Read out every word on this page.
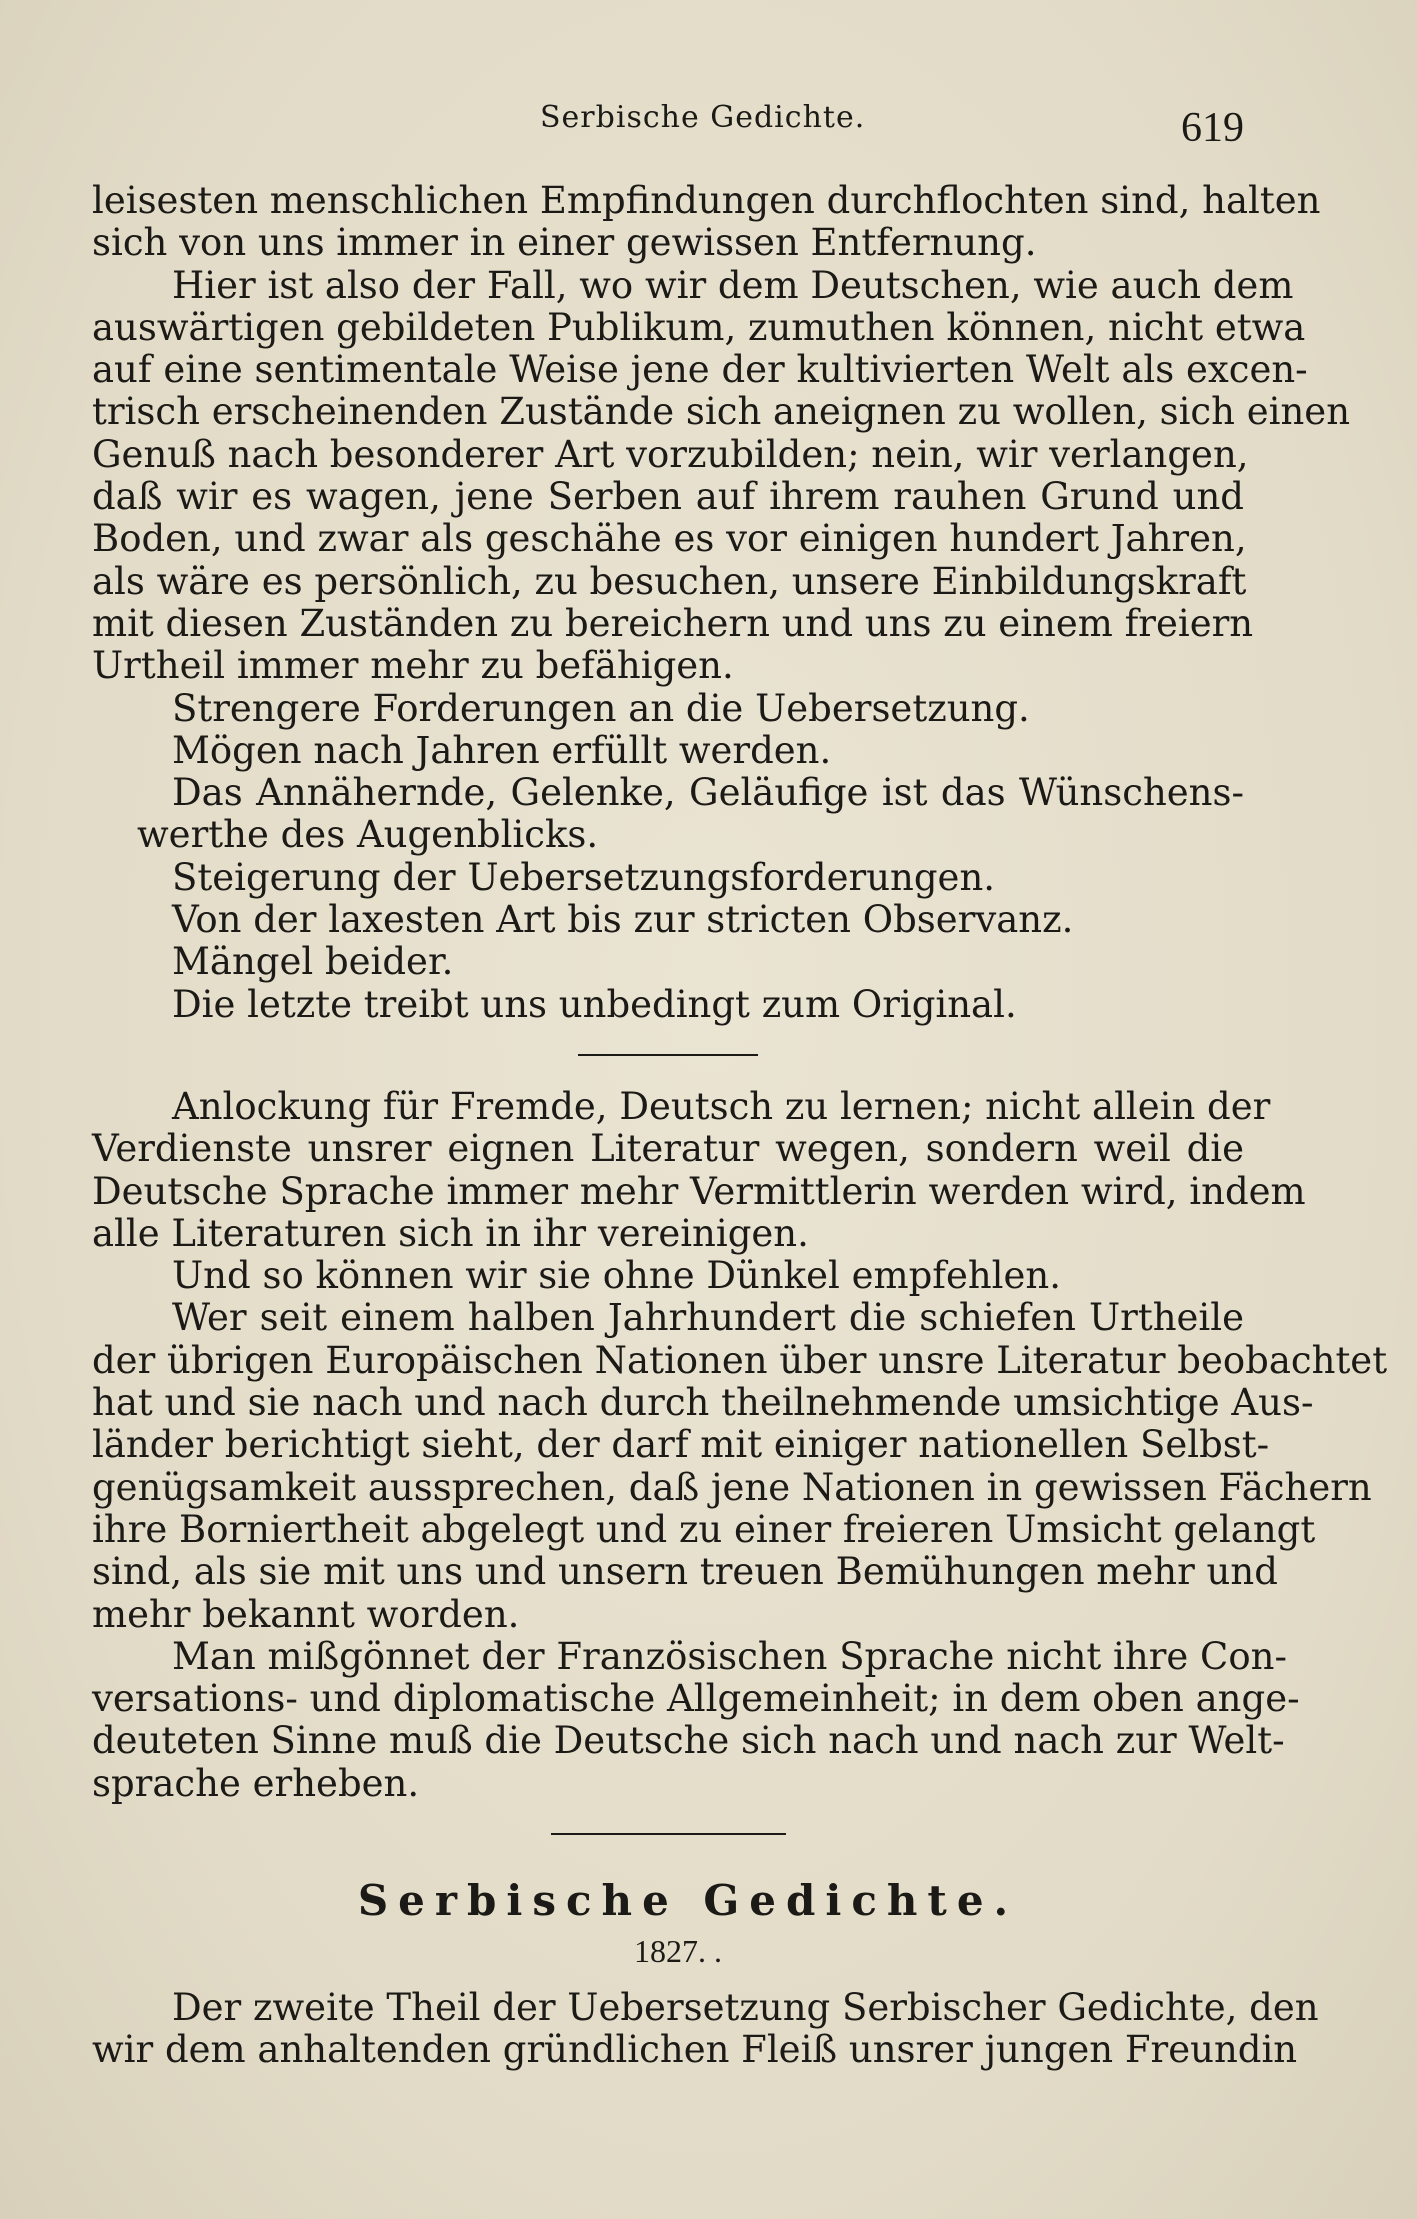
Serbische Gedichte.	619
leisesten menschlichen Empfindungen durchflochten sind, halten
sich von uns immer in einer gewissen Entfernung.
Hier ist also der Fall, wo wir dem Deutschen, wie auch dem
auswärtigen gebildeten Publikum, zumuthen können, nicht etwa
auf eine sentimentale Weise jene der kultivierten Welt als excen-
trisch erscheinenden Zustände sich aneignen zu wollen, sich einen
Genuß nach besonderer Art vorzubilden; nein, wir verlangen,
daß wir es wagen, jene Serben auf ihrem rauhen Grund und
Boden, und zwar als geschähe es vor einigen hundert Jahren,
als wäre es persönlich, zu besuchen, unsere Einbildungskraft
mit diesen Zuständen zu bereichern und uns zu einem freiern
Urtheil immer mehr zu befähigen.
Strengere Forderungen an die Uebersetzung.
Mögen nach Jahren erfüllt werden.
Das Annähernde, Gelenke, Geläufige ist das Wünschens-
werthe des Augenblicks.
Steigerung der Uebersetzungsforderungen.
Von der laxesten Art bis zur stricten Observanz.
Mängel beider.
Die letzte treibt uns unbedingt zum Original.
Anlockung für Fremde, Deutsch zu lernen; nicht allein der
Verdienste unsrer eignen Literatur wegen, sondern weil die
Deutsche Sprache immer mehr Vermittlerin werden wird, indem
alle Literaturen sich in ihr vereinigen.
Und so können wir sie ohne Dünkel empfehlen.
Wer seit einem halben Jahrhundert die schiefen Urtheile
der übrigen Europäischen Nationen über unsre Literatur beobachtet
hat und sie nach und nach durch theilnehmende umsichtige Aus-
länder berichtigt sieht, der darf mit einiger nationellen Selbst-
genügsamkeit aussprechen, daß jene Nationen in gewissen Fächern
ihre Borniertheit abgelegt und zu einer freieren Umsicht gelangt
sind, als sie mit uns und unsern treuen Bemühungen mehr und
mehr bekannt worden.
Man mißgönnet der Französischen Sprache nicht ihre Con-
versations- und diplomatische Allgemeinheit; in dem oben ange-
deuteten Sinne muß die Deutsche sich nach und nach zur Welt-
sprache erheben.
Serbische Gedichte.
1827. .
Der zweite Theil der Uebersetzung Serbischer Gedichte, den
wir dem anhaltenden gründlichen Fleiß unsrer jungen Freundin
